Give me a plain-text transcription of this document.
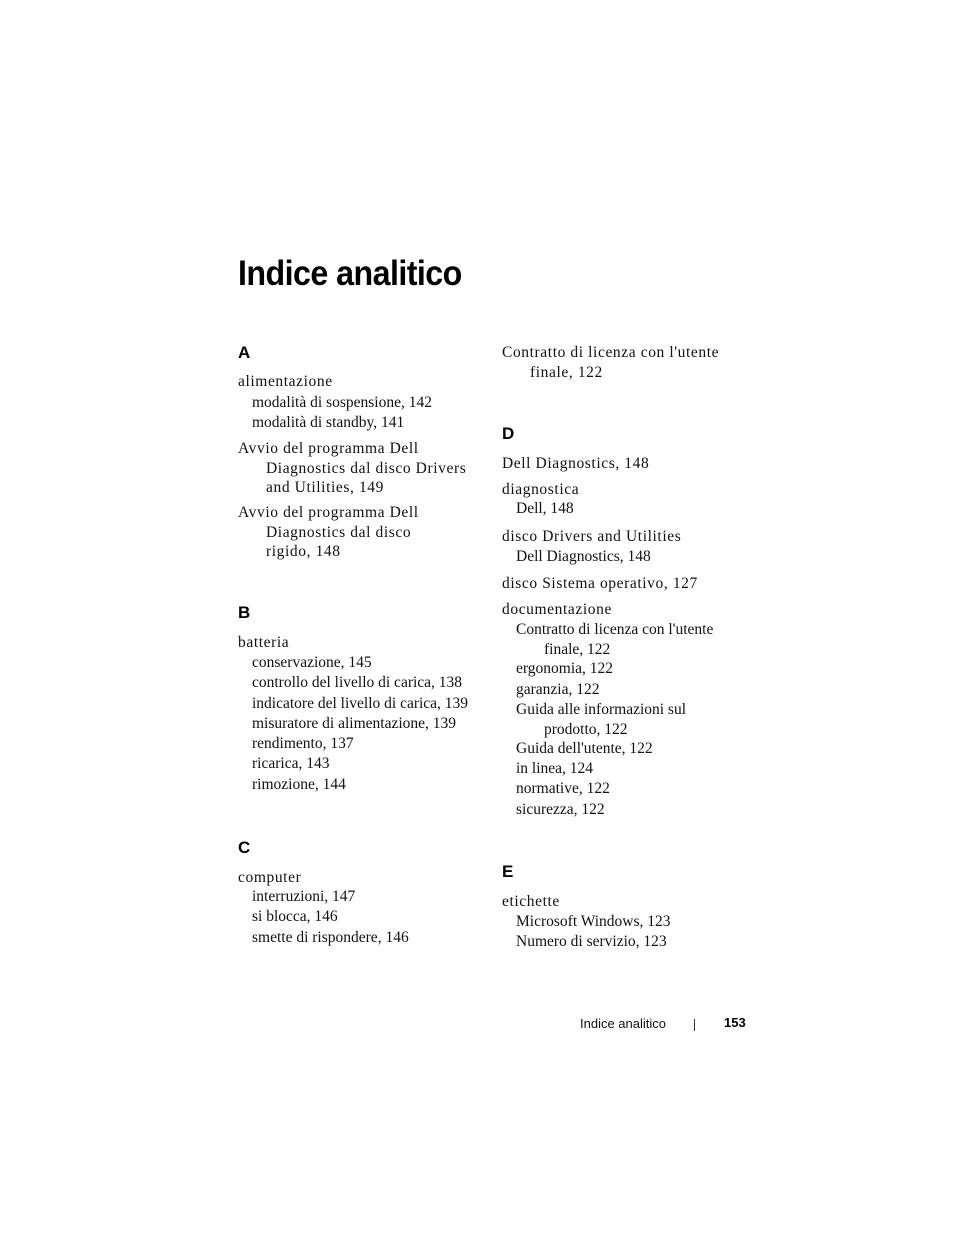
Indice analitico
A
alimentazione
modalità di sospensione, 142
modalità di standby, 141
Avvio del programma Dell
Diagnostics dal disco Drivers
and Utilities, 149
Avvio del programma Dell
Diagnostics dal disco
rigido, 148
B
batteria
conservazione, 145
controllo del livello di carica, 138
indicatore del livello di carica, 139
misuratore di alimentazione, 139
rendimento, 137
ricarica, 143
rimozione, 144
C
computer
interruzioni, 147
si blocca, 146
smette di rispondere, 146
Contratto di licenza con l'utente
finale, 122
D
Dell Diagnostics, 148
diagnostica
Dell, 148
disco Drivers and Utilities
Dell Diagnostics, 148
disco Sistema operativo, 127
documentazione
Contratto di licenza con l'utente
finale, 122
ergonomia, 122
garanzia, 122
Guida alle informazioni sul
prodotto, 122
Guida dell'utente, 122
in linea, 124
normative, 122
sicurezza, 122
E
etichette
Microsoft Windows, 123
Numero di servizio, 123
Indice analitico	153
